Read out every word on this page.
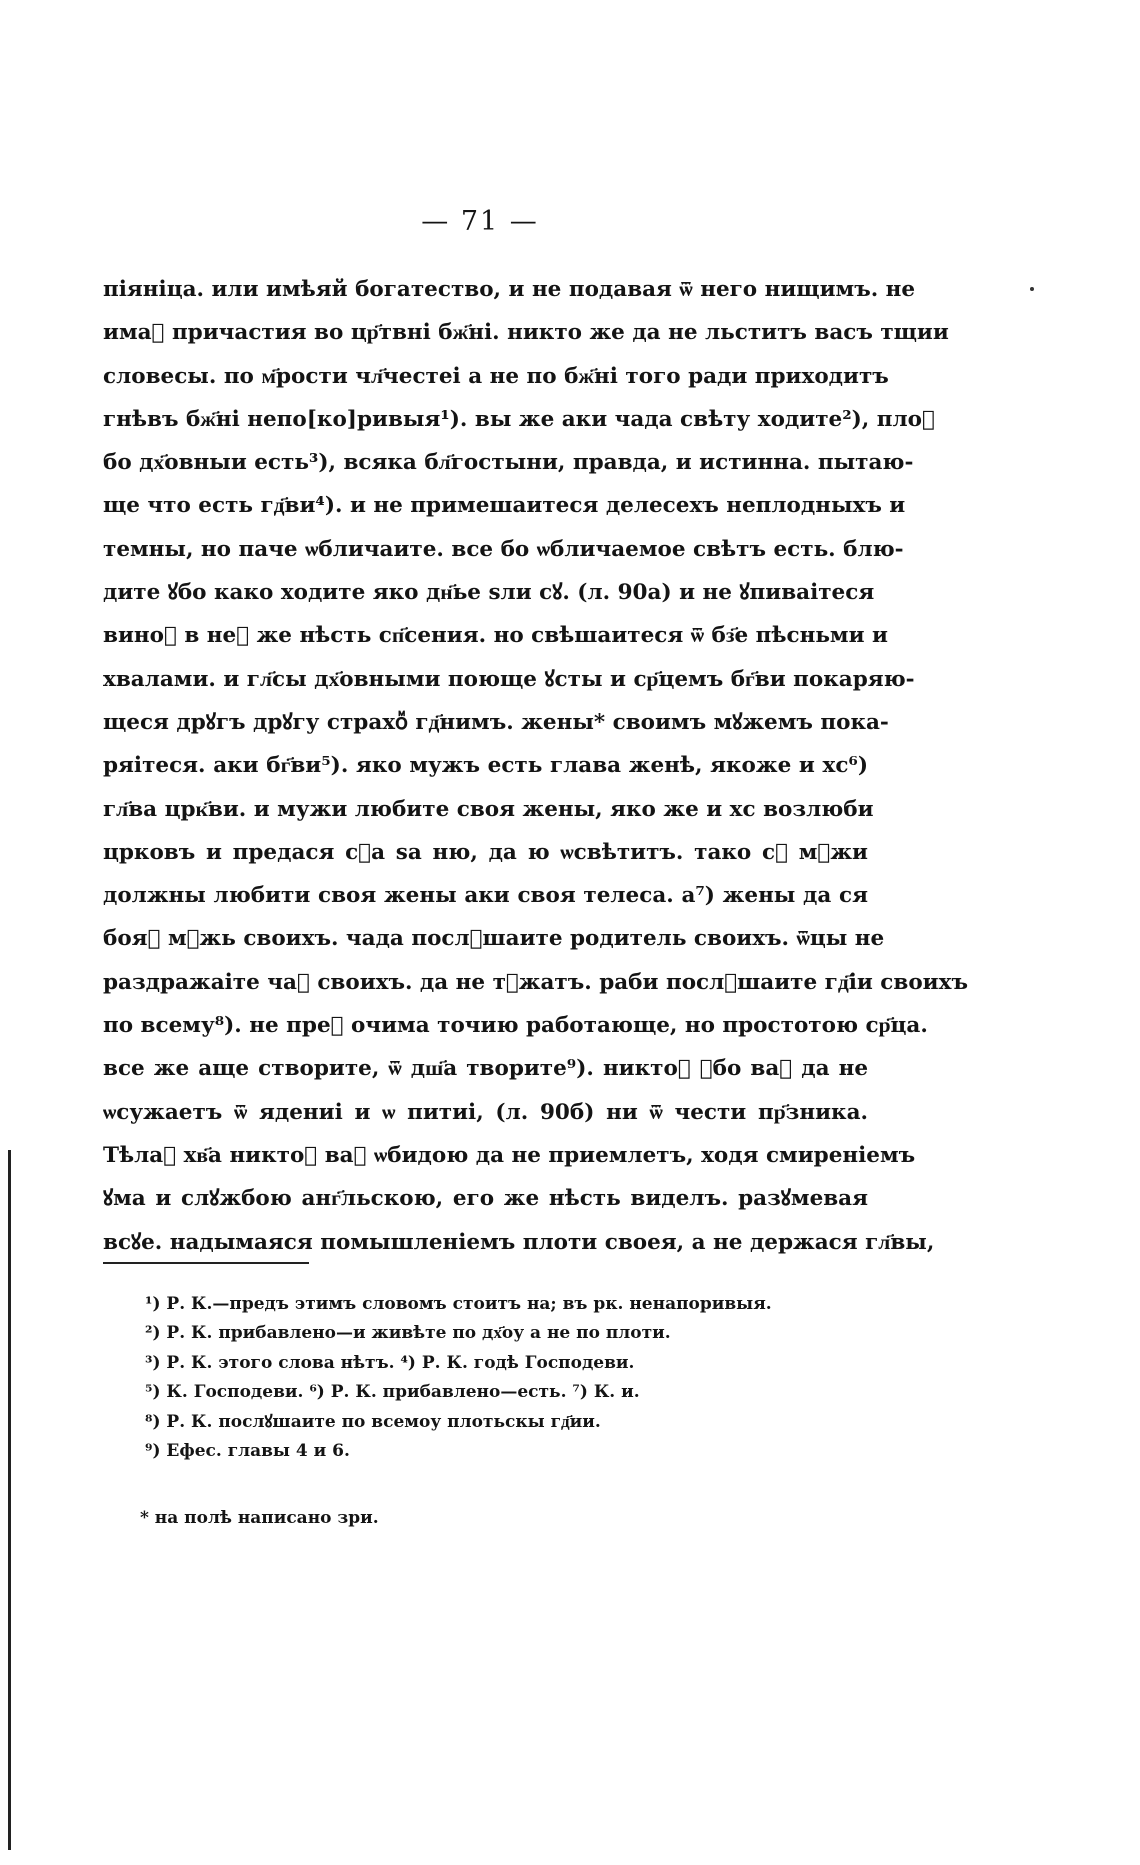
— 71 —
пiянiца. или имѣяй богатество, и не подавая ѿ него нищимъ. не
имаⷮ причастия во цр҃твнi бж҃нi. никто же да не льститъ васъ тщии
словесы. по м҃рости чл҃честеi а не по бж҃нi того ради приходитъ
гнѣвъ бж҃нi непо[ко]ривыя¹). вы же аки чада свѣту ходите²), плоⷣ
бо дх҃овныи есть³), всяка бл҃гостыни, правда, и истинна. пытаю-
ще что есть гд҃ви⁴). и не примешаитеся делесехъ неплодныхъ и
темны, но паче ѡбличаите. все бо ѡбличаемое свѣтъ есть. блю-
дите ꙋбо како ходите яко дн҃ье ѕли сꙋ. (л. 90а) и не ꙋпиваiтеся
виноⷨ в неⷨ же нѣсть сп҃сения. но свѣшаитеся ѿ бз҃е пѣсньми и
хвалами. и гл҃сы дх҃овными поюще ꙋсты и ср҃цемъ бг҃ви покаряю-
щеся дрꙋгъ дрꙋгу страхоⷨ гд҃нимъ. жены* своимъ мꙋжемъ пока-
ряiтеся. аки бг҃ви⁵). яко мужъ есть глава женѣ, якоже и хс⁶)
гл҃ва црк҃ви. и мужи любите своя жены, яко же и хс возлюби
црковъ и предася сⷨа ѕа ню, да ю ѡсвѣтитъ. тако сꙋ мꙋжи
должны любити своя жены аки своя телеса. а⁷) жены да ся
бояⷮ мꙋжь своихъ. чада послꙋшаите родитель своихъ. ѿцы не
раздражаiте чаⷣ своихъ. да не тꙋжатъ. раби послꙋшаите гд҃iи своихъ
по всему⁸). не преⷣ очима точию работающе, но простотою ср҃ца.
все же аще створите, ѿ дш҃а творите⁹). никтоⷤ ꙋбо ваⷭ да не
ѡсужаетъ ѿ ядениi и ѡ питиi, (л. 90б) ни ѿ чести пр҃зника.
Тѣлаⷭ хв҃а никтоⷤ ваⷭ ѡбидою да не приемлетъ, ходя смиренiемъ
ꙋма и слꙋжбою анг҃льскою, его же нѣсть виделъ. разꙋмевая
всꙋе. надымаяся помышленiемъ плоти своея, а не держася гл҃вы,
¹) Р. К.—предъ этимъ словомъ стоитъ на; въ рк. ненапоривыя.
²) Р. К. прибавлено—и живѣте по дх҃оу а не по плоти.
³) Р. К. этого слова нѣтъ. ⁴) Р. К. годѣ Господеви.
⁵) К. Господеви. ⁶) Р. К. прибавлено—есть. ⁷) К. и.
⁸) Р. К. послꙋшаите по всемоу плотьскы гд҃ии.
⁹) Ефес. главы 4 и 6.
* на полѣ написано зри.
